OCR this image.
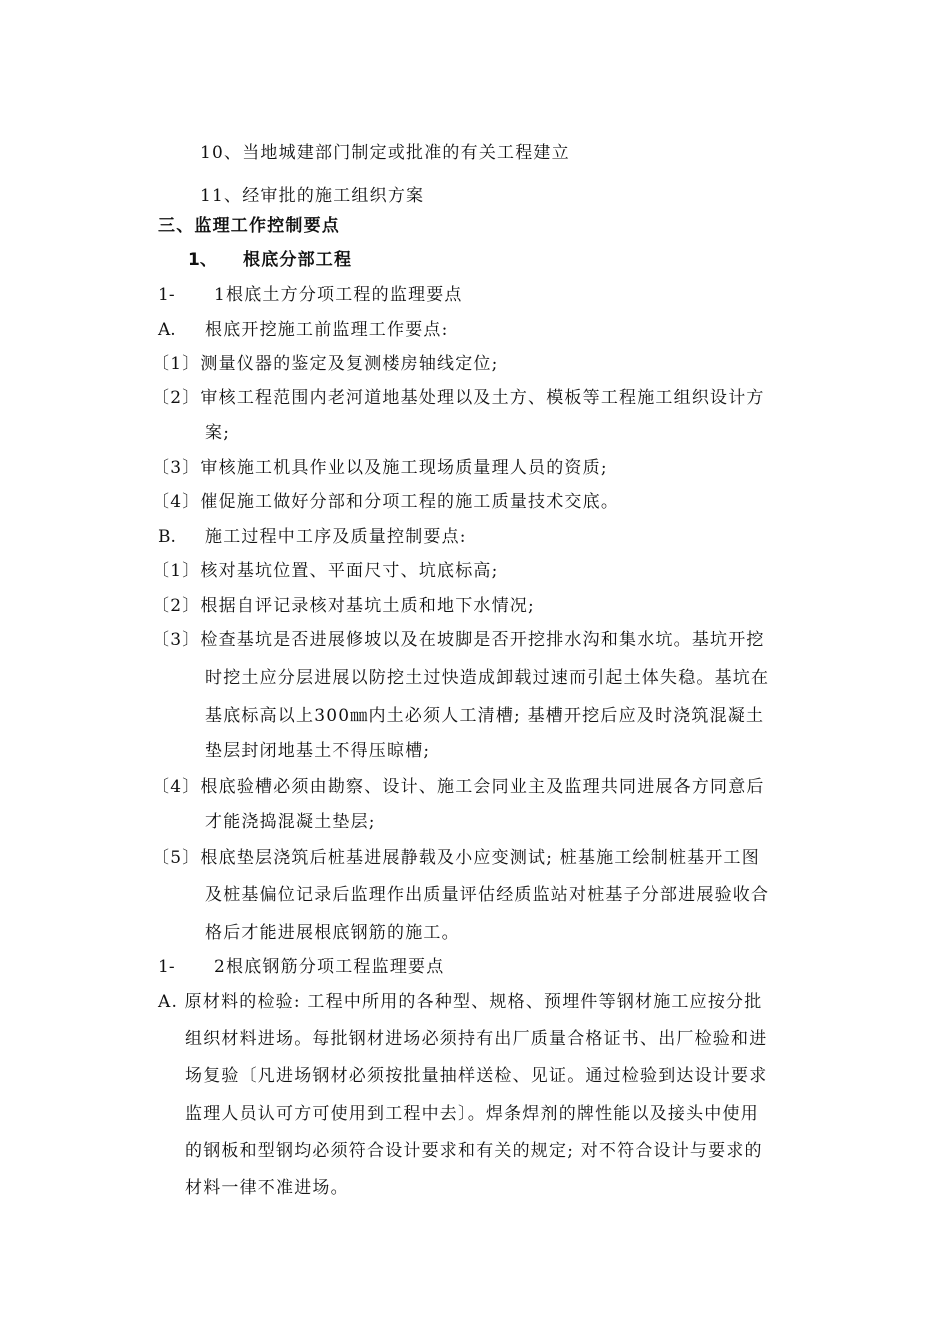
10、当地城建部门制定或批准的有关工程建立
11、经审批的施工组织方案
三、监理工作控制要点
1、 根底分部工程
1- 1根底土方分项工程的监理要点
A. 根底开挖施工前监理工作要点:
〔1〕测量仪器的鉴定及复测楼房轴线定位;
〔2〕审核工程范围内老河道地基处理以及土方、模板等工程施工组织设计方
案;
〔3〕审核施工机具作业以及施工现场质量理人员的资质;
〔4〕催促施工做好分部和分项工程的施工质量技术交底。
B. 施工过程中工序及质量控制要点:
〔1〕核对基坑位置、平面尺寸、坑底标高;
〔2〕根据自评记录核对基坑土质和地下水情况;
〔3〕检查基坑是否进展修坡以及在坡脚是否开挖排水沟和集水坑。基坑开挖
时挖土应分层进展以防挖土过快造成卸载过速而引起土体失稳。基坑在
基底标高以上300㎜内土必须人工清槽; 基槽开挖后应及时浇筑混凝土
垫层封闭地基土不得压晾槽;
〔4〕根底验槽必须由勘察、设计、施工会同业主及监理共同进展各方同意后
才能浇捣混凝土垫层;
〔5〕根底垫层浇筑后桩基进展静载及小应变测试; 桩基施工绘制桩基开工图
及桩基偏位记录后监理作出质量评估经质监站对桩基子分部进展验收合
格后才能进展根底钢筋的施工。
1- 2根底钢筋分项工程监理要点
A. 原材料的检验: 工程中所用的各种型、规格、预埋件等钢材施工应按分批
组织材料进场。每批钢材进场必须持有出厂质量合格证书、出厂检验和进
场复验〔凡进场钢材必须按批量抽样送检、见证。通过检验到达设计要求
监理人员认可方可使用到工程中去〕。焊条焊剂的牌性能以及接头中使用
的钢板和型钢均必须符合设计要求和有关的规定; 对不符合设计与要求的
材料一律不准进场。
